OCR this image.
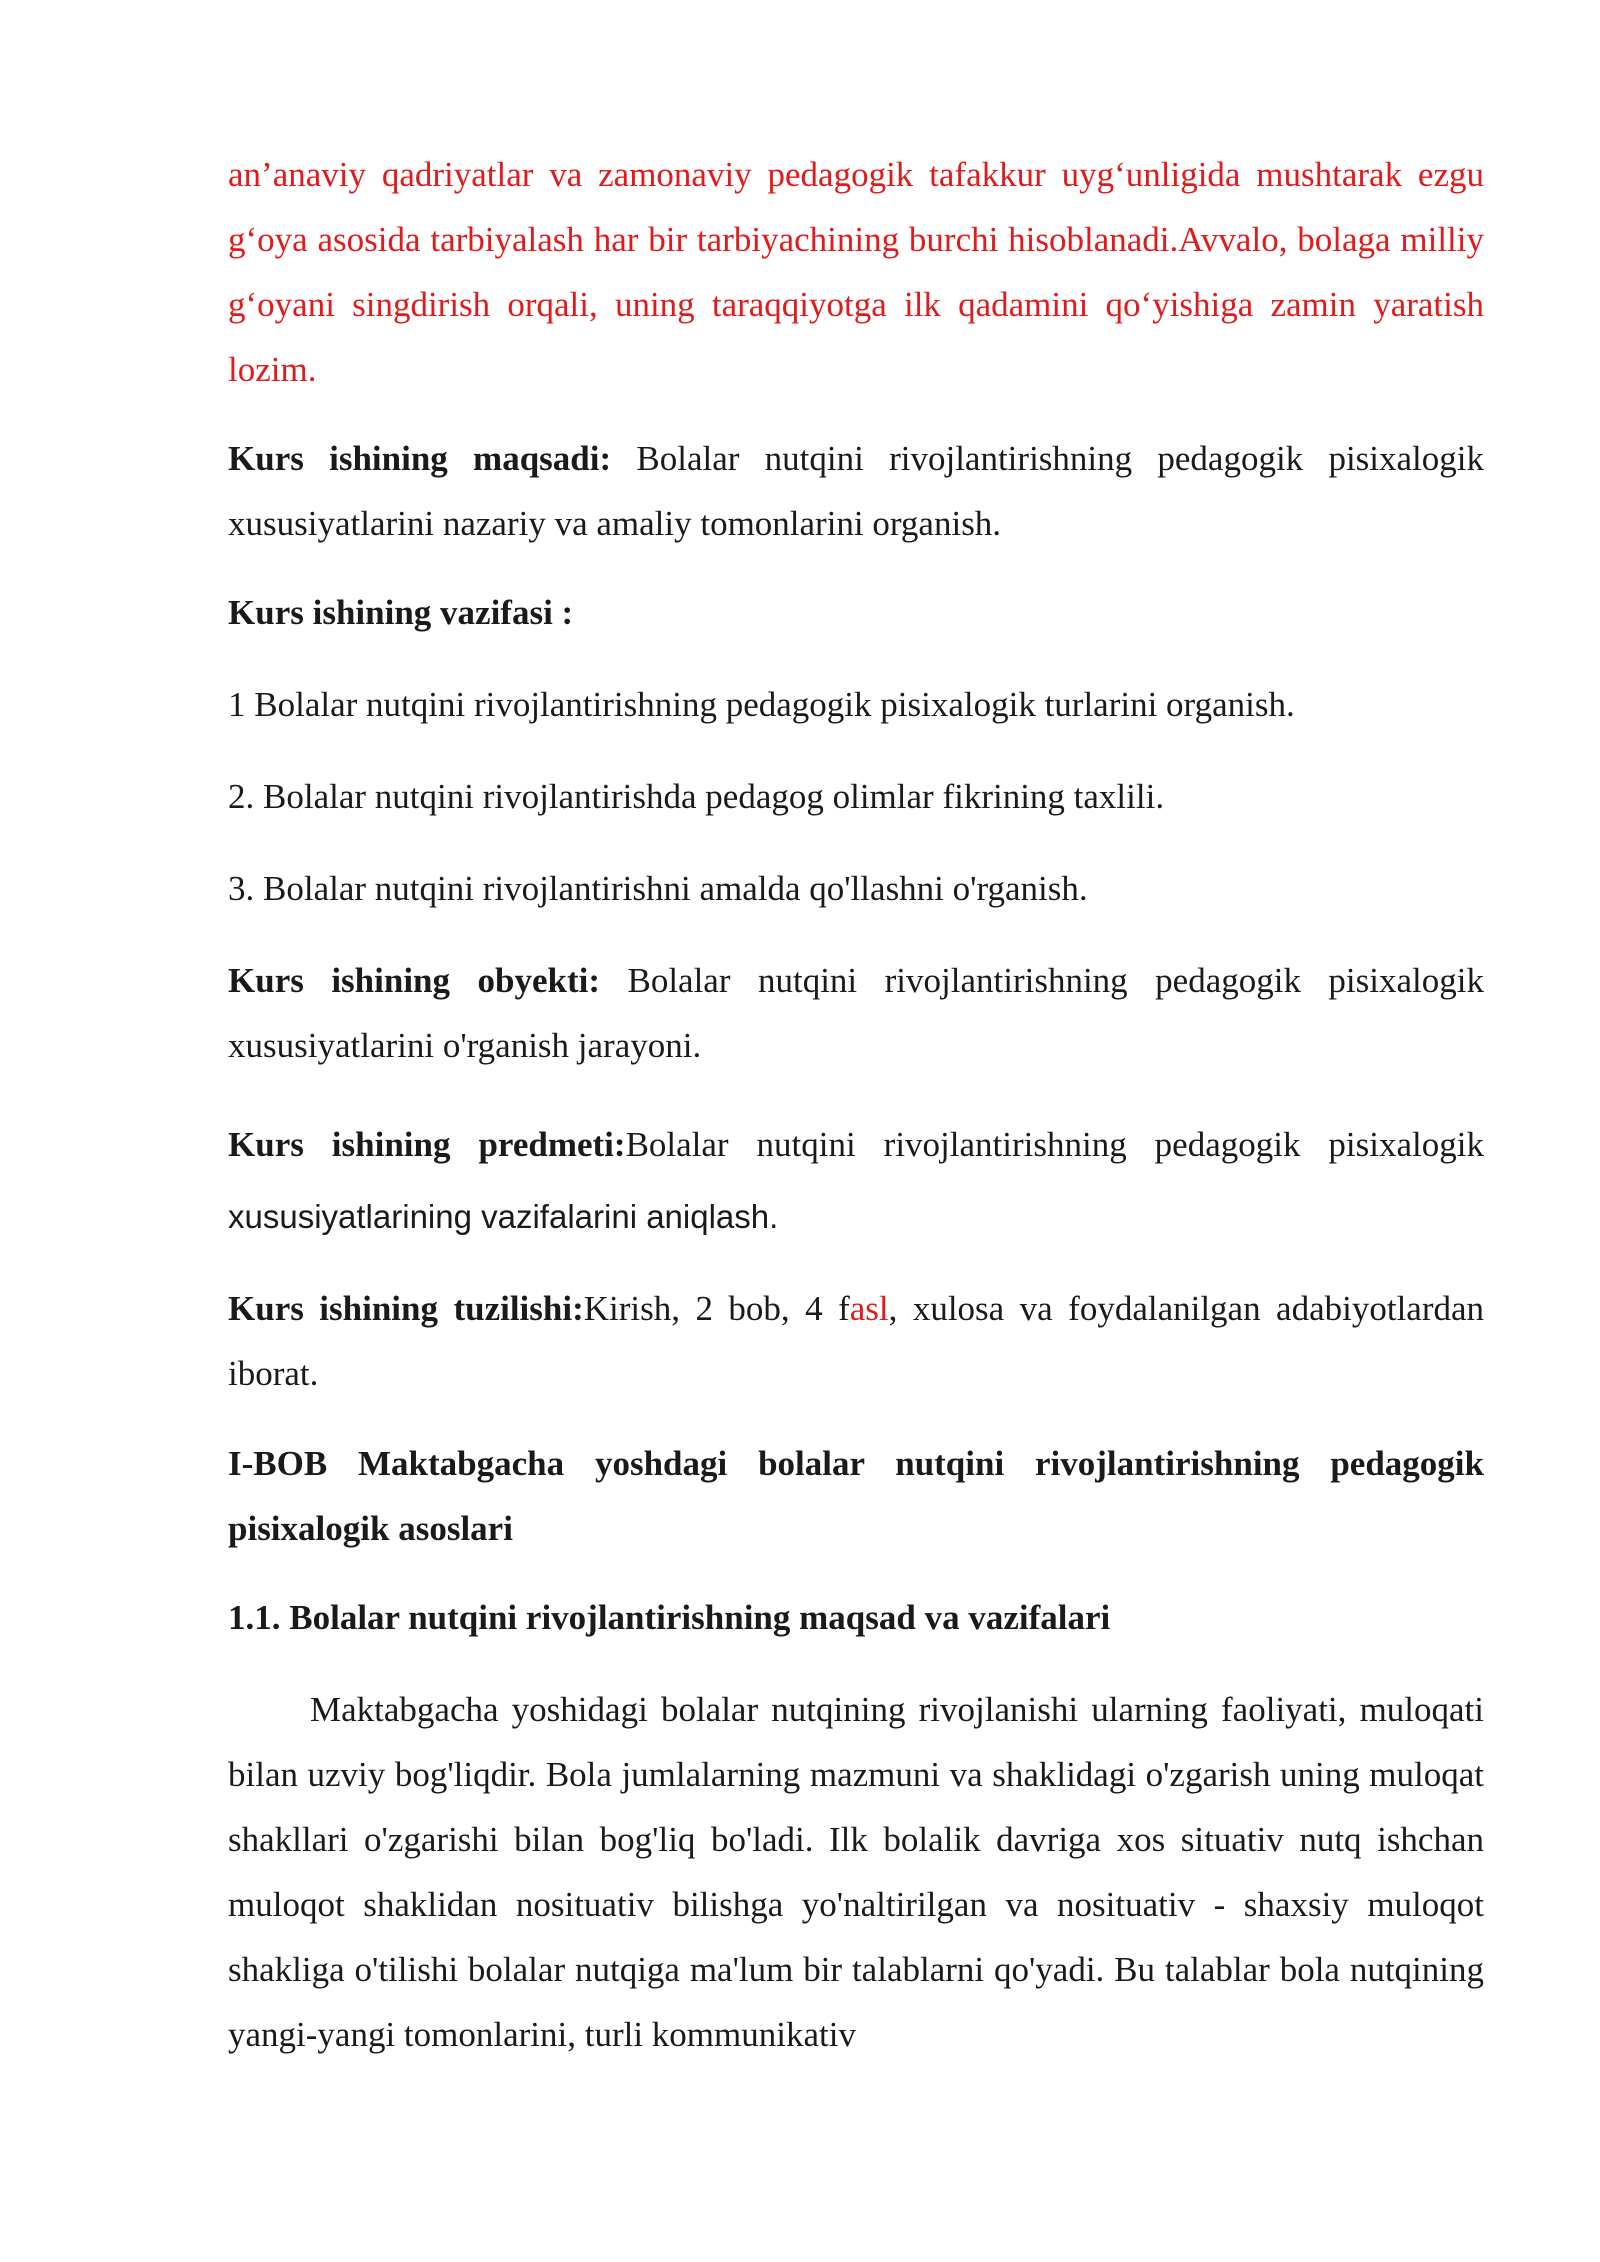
an’anaviy qadriyatlar va zamonaviy pedagogik tafakkur uyg‘unligida mushtarak ezgu g‘oya asosida tarbiyalash har bir tarbiyachining burchi hisoblanadi.Avvalo, bolaga milliy g‘oyani singdirish orqali, uning taraqqiyotga ilk qadamini qo‘yishiga zamin yaratish lozim.

Kurs ishining maqsadi: Bolalar nutqini rivojlantirishning pedagogik pisixalogik xususiyatlarini nazariy va amaliy tomonlarini organish.

Kurs ishining vazifasi :

1 Bolalar nutqini rivojlantirishning pedagogik pisixalogik turlarini organish.

2. Bolalar nutqini rivojlantirishda pedagog olimlar fikrining taxlili.

3. Bolalar nutqini rivojlantirishni amalda qo'llashni o'rganish.

Kurs ishining obyekti: Bolalar nutqini rivojlantirishning pedagogik pisixalogik xususiyatlarini o'rganish jarayoni.

Kurs ishining predmeti:Bolalar nutqini rivojlantirishning pedagogik pisixalogik

xususiyatlarining vazifalarini aniqlash.

Kurs ishining tuzilishi:Kirish, 2 bob, 4 fasl, xulosa va foydalanilgan adabiyotlardan iborat.

I-BOB Maktabgacha yoshdagi bolalar nutqini rivojlantirishning pedagogik pisixalogik asoslari

1.1. Bolalar nutqini rivojlantirishning maqsad va vazifalari

Maktabgacha yoshidagi bolalar nutqining rivojlanishi ularning faoliyati, muloqati bilan uzviy bog'liqdir. Bola jumlalarning mazmuni va shaklidagi o'zgarish uning muloqat shakllari o'zgarishi bilan bog'liq bo'ladi. Ilk bolalik davriga xos situativ nutq ishchan muloqot shaklidan nosituativ bilishga yo'naltirilgan va nosituativ - shaxsiy muloqot shakliga o'tilishi bolalar nutqiga ma'lum bir talablarni qo'yadi. Bu talablar bola nutqining yangi-yangi tomonlarini, turli kommunikativ
